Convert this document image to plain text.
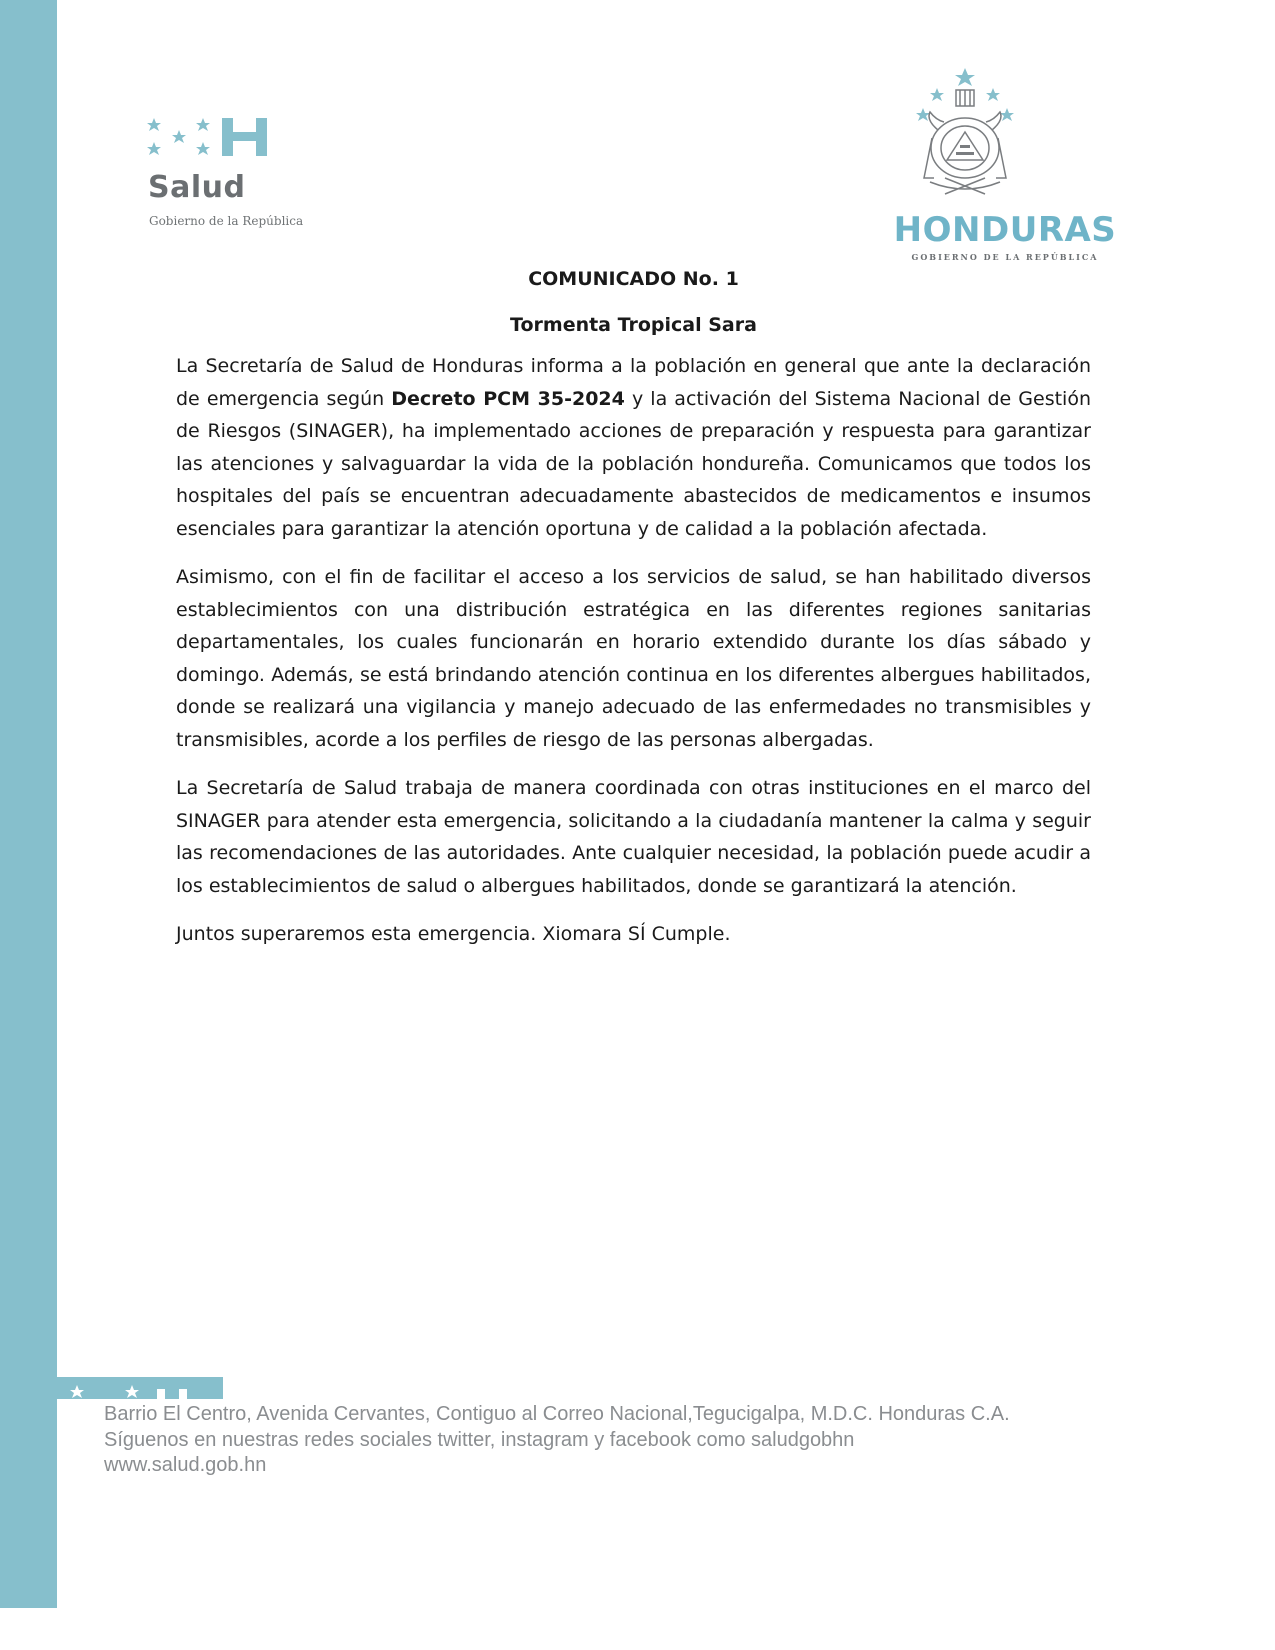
Salud
Gobierno de la República	HONDURAS
GOBIERNO DE LA REPÚBLICA

COMUNICADO No. 1

Tormenta Tropical Sara

La Secretaría de Salud de Honduras informa a la población en general que ante la declaración de emergencia según Decreto PCM 35-2024 y la activación del Sistema Nacional de Gestión de Riesgos (SINAGER), ha implementado acciones de preparación y respuesta para garantizar las atenciones y salvaguardar la vida de la población hondureña. Comunicamos que todos los hospitales del país se encuentran adecuadamente abastecidos de medicamentos e insumos esenciales para garantizar la atención oportuna y de calidad a la población afectada.

Asimismo, con el fin de facilitar el acceso a los servicios de salud, se han habilitado diversos establecimientos con una distribución estratégica en las diferentes regiones sanitarias departamentales, los cuales funcionarán en horario extendido durante los días sábado y domingo. Además, se está brindando atención continua en los diferentes albergues habilitados, donde se realizará una vigilancia y manejo adecuado de las enfermedades no transmisibles y transmisibles, acorde a los perfiles de riesgo de las personas albergadas.

La Secretaría de Salud trabaja de manera coordinada con otras instituciones en el marco del SINAGER para atender esta emergencia, solicitando a la ciudadanía mantener la calma y seguir las recomendaciones de las autoridades. Ante cualquier necesidad, la población puede acudir a los establecimientos de salud o albergues habilitados, donde se garantizará la atención.

Juntos superaremos esta emergencia. Xiomara SÍ Cumple.

Barrio El Centro, Avenida Cervantes, Contiguo al Correo Nacional,Tegucigalpa, M.D.C. Honduras C.A.
Síguenos en nuestras redes sociales twitter, instagram y facebook como saludgobhn
www.salud.gob.hn
